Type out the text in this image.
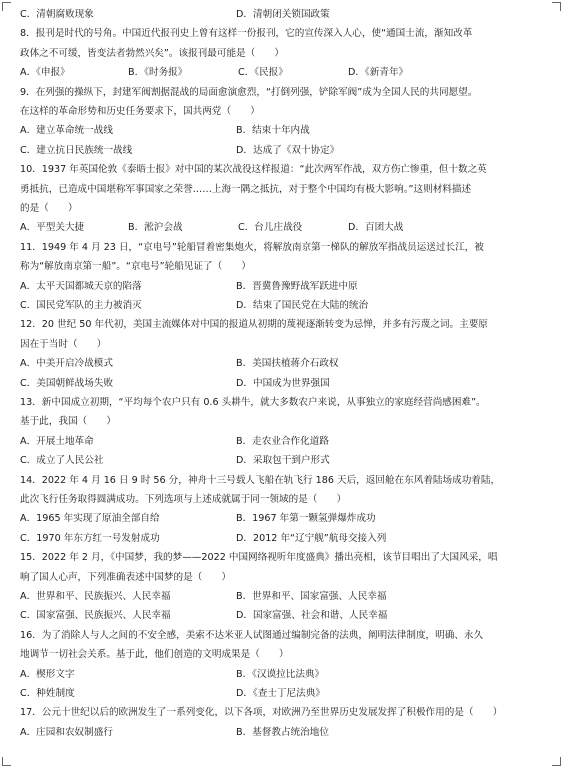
C．清朝腐败现象	D．清朝闭关锁国政策
8．报刊是时代的号角。中国近代报刊史上曾有这样一份报刊，它的宣传深入人心，使“通国士流，渐知改革
政体之不可缓，皆变法者勃然兴矣”。该报刊最可能是（　　）
A．《申报》	B．《时务报》	C．《民报》	D．《新青年》
9．在列强的操纵下，封建军阀割据混战的局面愈演愈烈，“打倒列强，铲除军阀”成为全国人民的共同愿望。
在这样的革命形势和历史任务要求下，国共两党（　　）
A．建立革命统一战线	B．结束十年内战
C．建立抗日民族统一战线	D．达成了《双十协定》
10．1937 年英国伦敦《泰晤士报》对中国的某次战役这样报道：“此次两军作战，双方伤亡惨重，但十数之英
勇抵抗，已造成中国堪称军事国家之荣誉……上海一隅之抵抗，对于整个中国均有极大影响。”这则材料描述
的是（　　）
A．平型关大捷	B．淞沪会战	C．台儿庄战役	D．百团大战
11．1949 年 4 月 23 日，“京电号”轮船冒着密集炮火，将解放南京第一梯队的解放军指战员运送过长江，被
称为“解放南京第一船”。“京电号”轮船见证了（　　）
A．太平天国都城天京的陷落	B．晋冀鲁豫野战军跃进中原
C．国民党军队的主力被消灭	D．结束了国民党在大陆的统治
12．20 世纪 50 年代初，美国主流媒体对中国的报道从初期的蔑视逐渐转变为忌惮，并多有污蔑之词。主要原
因在于当时（　　）
A．中美开启冷战模式	B．美国扶植蒋介石政权
C．美国朝鲜战场失败	D．中国成为世界强国
13．新中国成立初期，“平均每个农户只有 0.6 头耕牛，就大多数农户来说，从事独立的家庭经营尚感困难”。
基于此，我国（　　）
A．开展土地革命	B．走农业合作化道路
C．成立了人民公社	D．采取包干到户形式
14．2022 年 4 月 16 日 9 时 56 分，神舟十三号载人飞船在轨飞行 186 天后，返回舱在东风着陆场成功着陆，
此次飞行任务取得圆满成功。下列选项与上述成就属于同一领域的是（　　）
A．1965 年实现了原油全部自给	B．1967 年第一颗氢弹爆炸成功
C．1970 年东方红一号发射成功	D．2012 年“辽宁舰”航母交接入列
15．2022 年 2 月，《中国梦，我的梦——2022 中国网络视听年度盛典》播出亮相，该节目唱出了大国风采，唱
响了国人心声，下列准确表述中国梦的是（　　）
A．世界和平、民族振兴、人民幸福	B．世界和平、国家富强、人民幸福
C．国家富强、民族振兴、人民幸福	D．国家富强、社会和谐、人民幸福
16．为了消除人与人之间的不安全感，美索不达米亚人试图通过编制完备的法典，阐明法律制度，明确、永久
地调节一切社会关系。基于此，他们创造的文明成果是（　　）
A．楔形文字	B．《汉谟拉比法典》
C．种姓制度	D．《查士丁尼法典》
17．公元十世纪以后的欧洲发生了一系列变化，以下各项，对欧洲乃至世界历史发展发挥了积极作用的是（　　）
A．庄园和农奴制盛行	B．基督教占统治地位
